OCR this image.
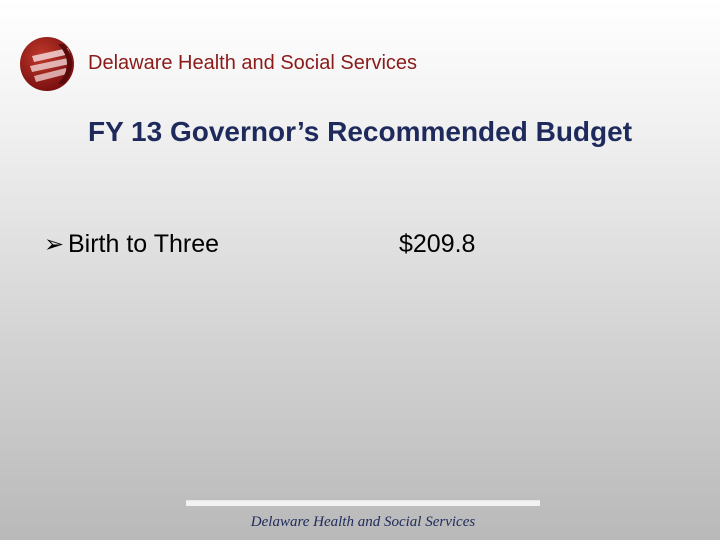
Delaware Health and Social Services
FY 13 Governor’s Recommended Budget
➢ Birth to Three	$209.8
Delaware Health and Social Services
